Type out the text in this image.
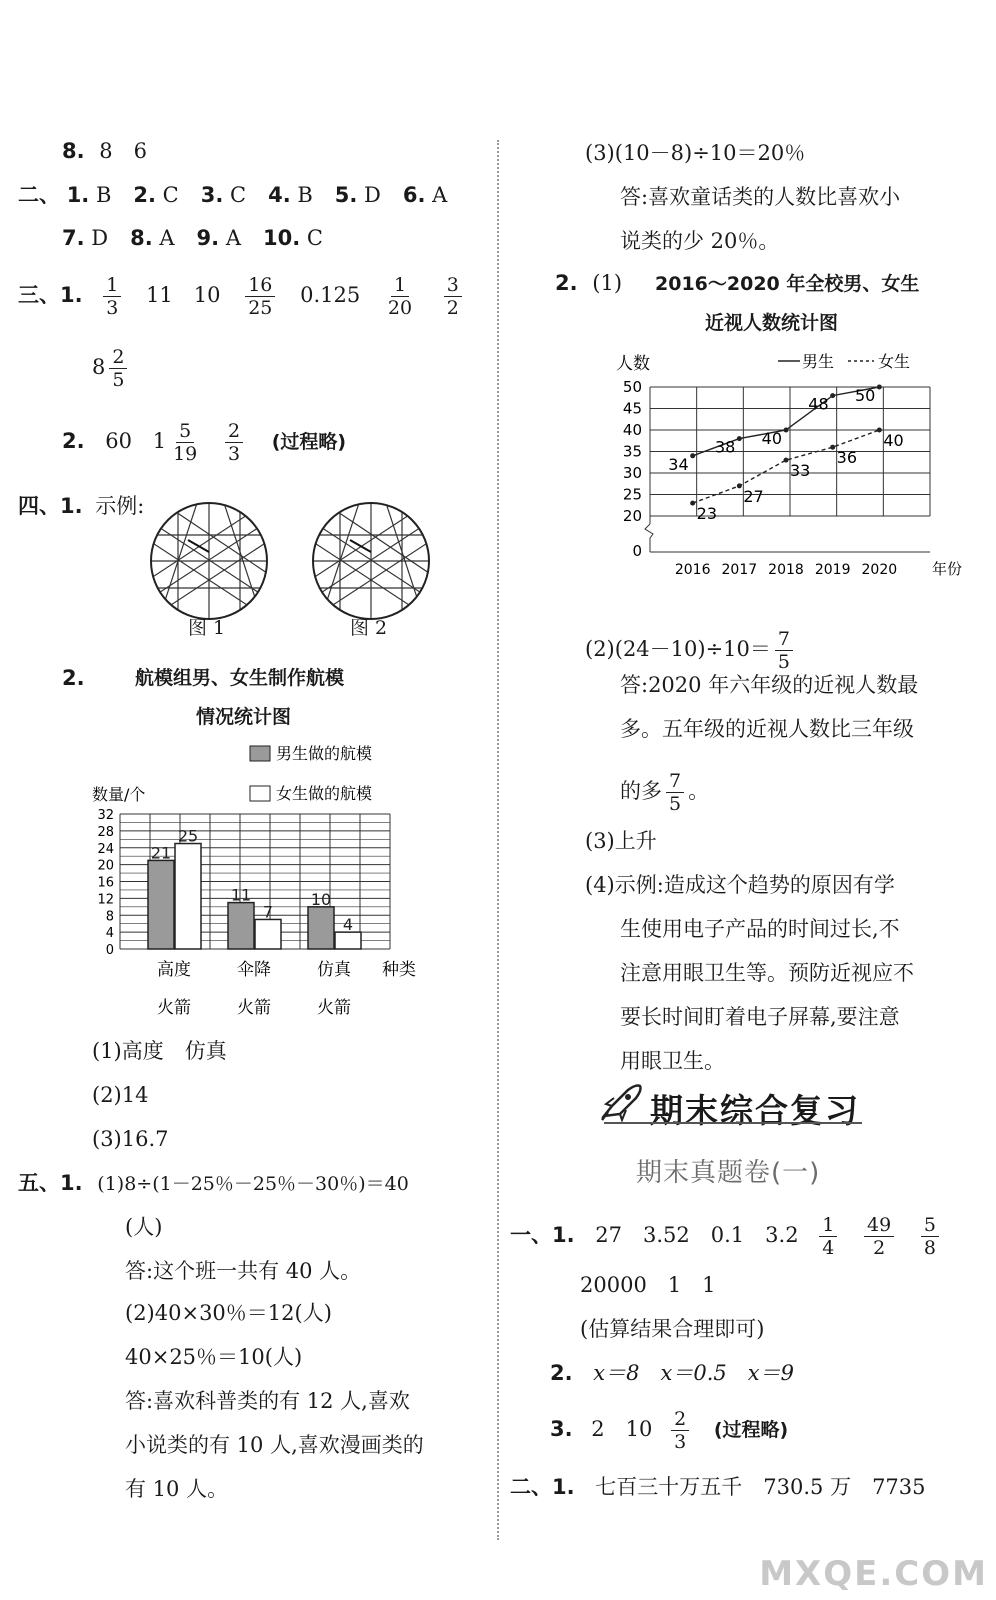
8. 8　6
二、 1. B 2. C 3. C 4. B 5. D 6. A
7. D 8. A 9. A 10. C
三、1. $\frac{1}{3} 11$　$10 \frac{16}{25} 0.125 \frac{1}{20}$
$\frac{3}{2}$
$8 \frac{2}{5}$
2. 60 $1 \frac{5}{19}$
$\frac{2}{3}$ (过程略)
四、1. 示例:
图 1	图 2
2.	航模组男、女生制作航模
情况统计图
男生做的航模
女生做的航模
数量/个
0
4
8
12
16
20
24
28
32
21
25
高度
火箭
11
7
伞降
火箭
10
4
仿真
火箭
种类
(1)高度　仿真
(2)14
(3)16.7
五、1. (1)8÷(1－25％－25％－30％)＝40
(人)
答:这个班一共有 40 人。
(2)40×30％＝12(人)
40×25％＝10(人)
答:喜欢科普类的有 12 人,喜欢
小说类的有 10 人,喜欢漫画类的
有 10 人。
(3)(10－8)÷10＝20％
答:喜欢童话类的人数比喜欢小
说类的少 20％。
2. (1) 2016～2020 年全校男、女生
近视人数统计图
人数	男生	女生
0
20
25
30
35
40
45
50
2016 2017 2018 2019 2020 年份
34
38 40
48 50
23
27
33
36
40
$(2)(24-10)\div 10= \frac{7}{5}$
答:2020 年六年级的近视人数最
多。五年级的近视人数比三年级
的多 $\frac{7}{5}$ 。
(3)上升
(4)示例:造成这个趋势的原因有学
生使用电子产品的时间过长,不
注意用眼卫生等。预防近视应不
要长时间盯着电子屏幕,要注意
用眼卫生。
期末综合复习
期末真题卷(一)
一、1. 27　3.52　0.1　$3.2 \frac{1}{4}$
$\frac{49}{2}$
$\frac{5}{8}$
20000　1　1
(估算结果合理即可)
2. x＝8　x＝0.5　x＝9
3. 2　$10 \frac{2}{3}$ (过程略)
二、1. 七百三十万五千　730.5 万　7735
MXQE.COM
